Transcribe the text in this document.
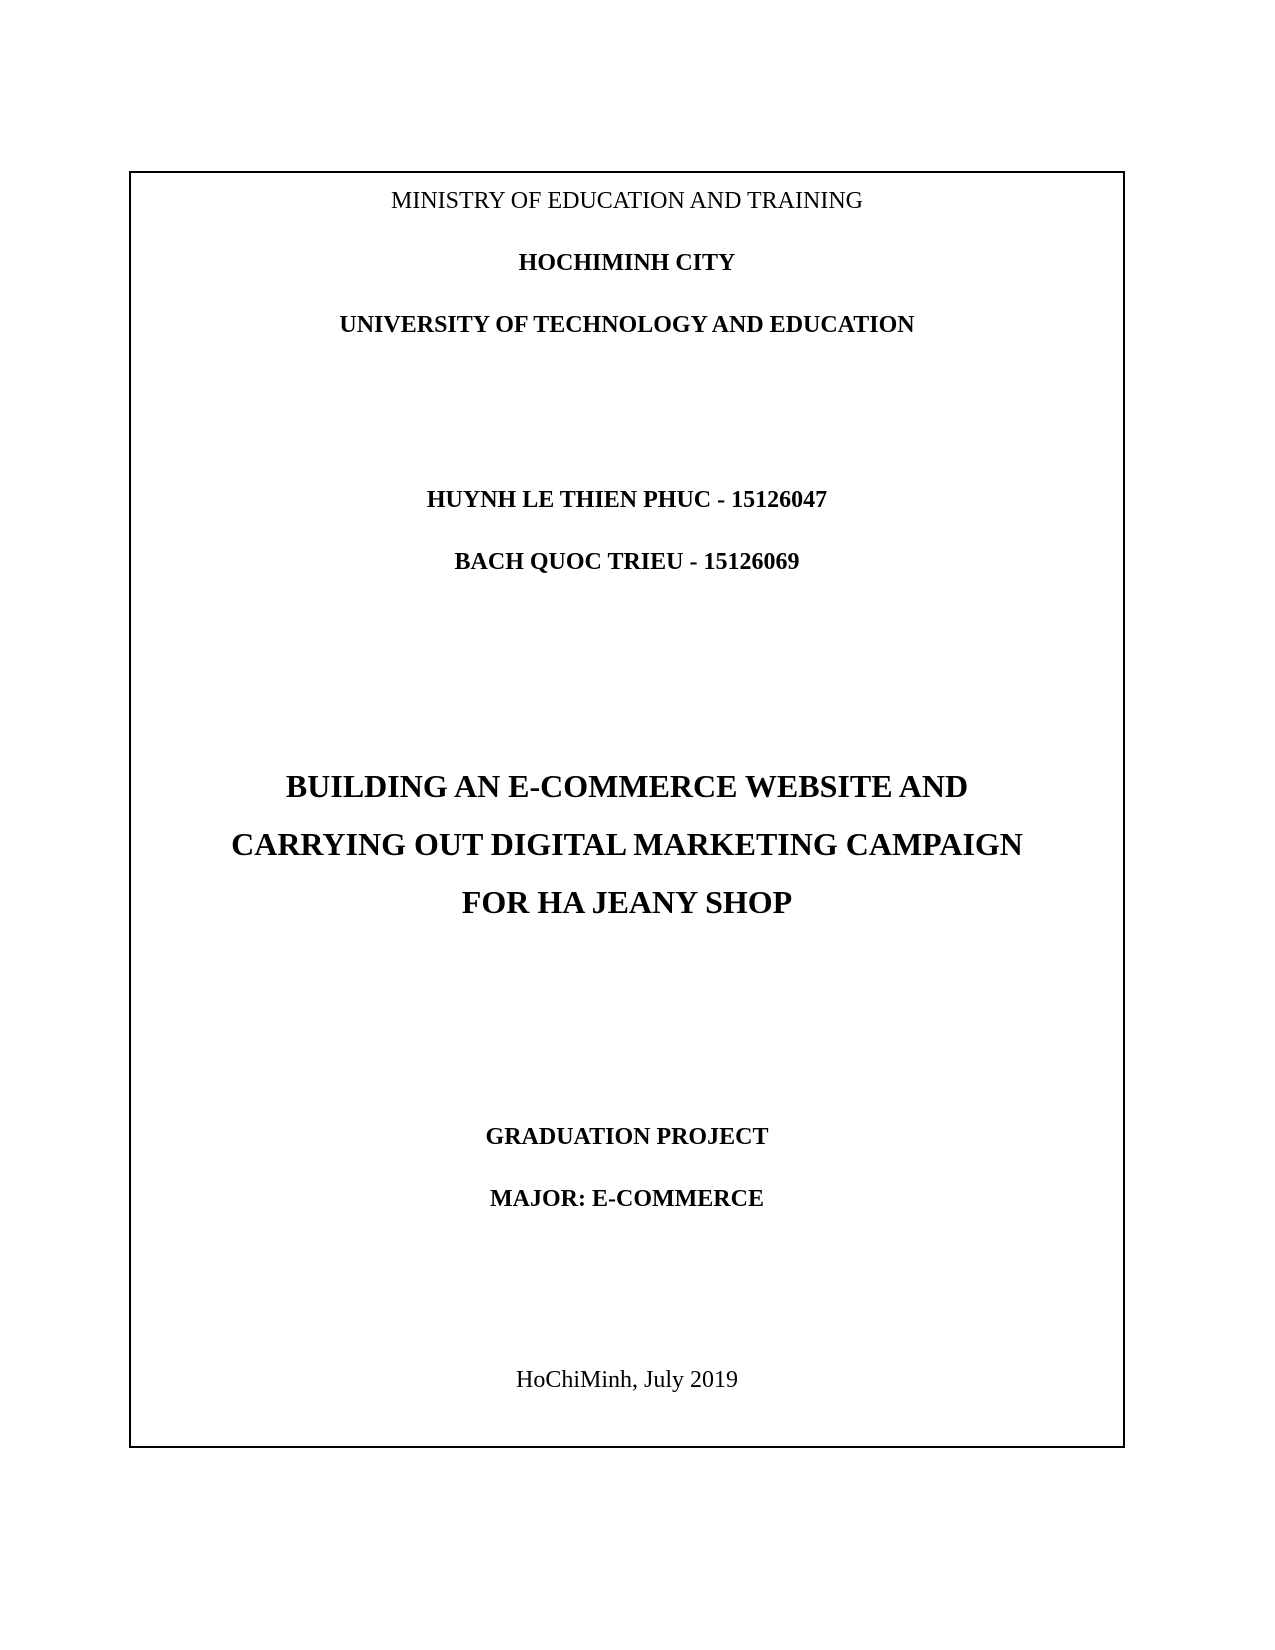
MINISTRY OF EDUCATION AND TRAINING
HOCHIMINH CITY
UNIVERSITY OF TECHNOLOGY AND EDUCATION
HUYNH LE THIEN PHUC - 15126047
BACH QUOC TRIEU - 15126069
BUILDING AN E-COMMERCE WEBSITE AND
CARRYING OUT DIGITAL MARKETING CAMPAIGN
FOR HA JEANY SHOP
GRADUATION PROJECT
MAJOR: E-COMMERCE
HoChiMinh, July 2019
